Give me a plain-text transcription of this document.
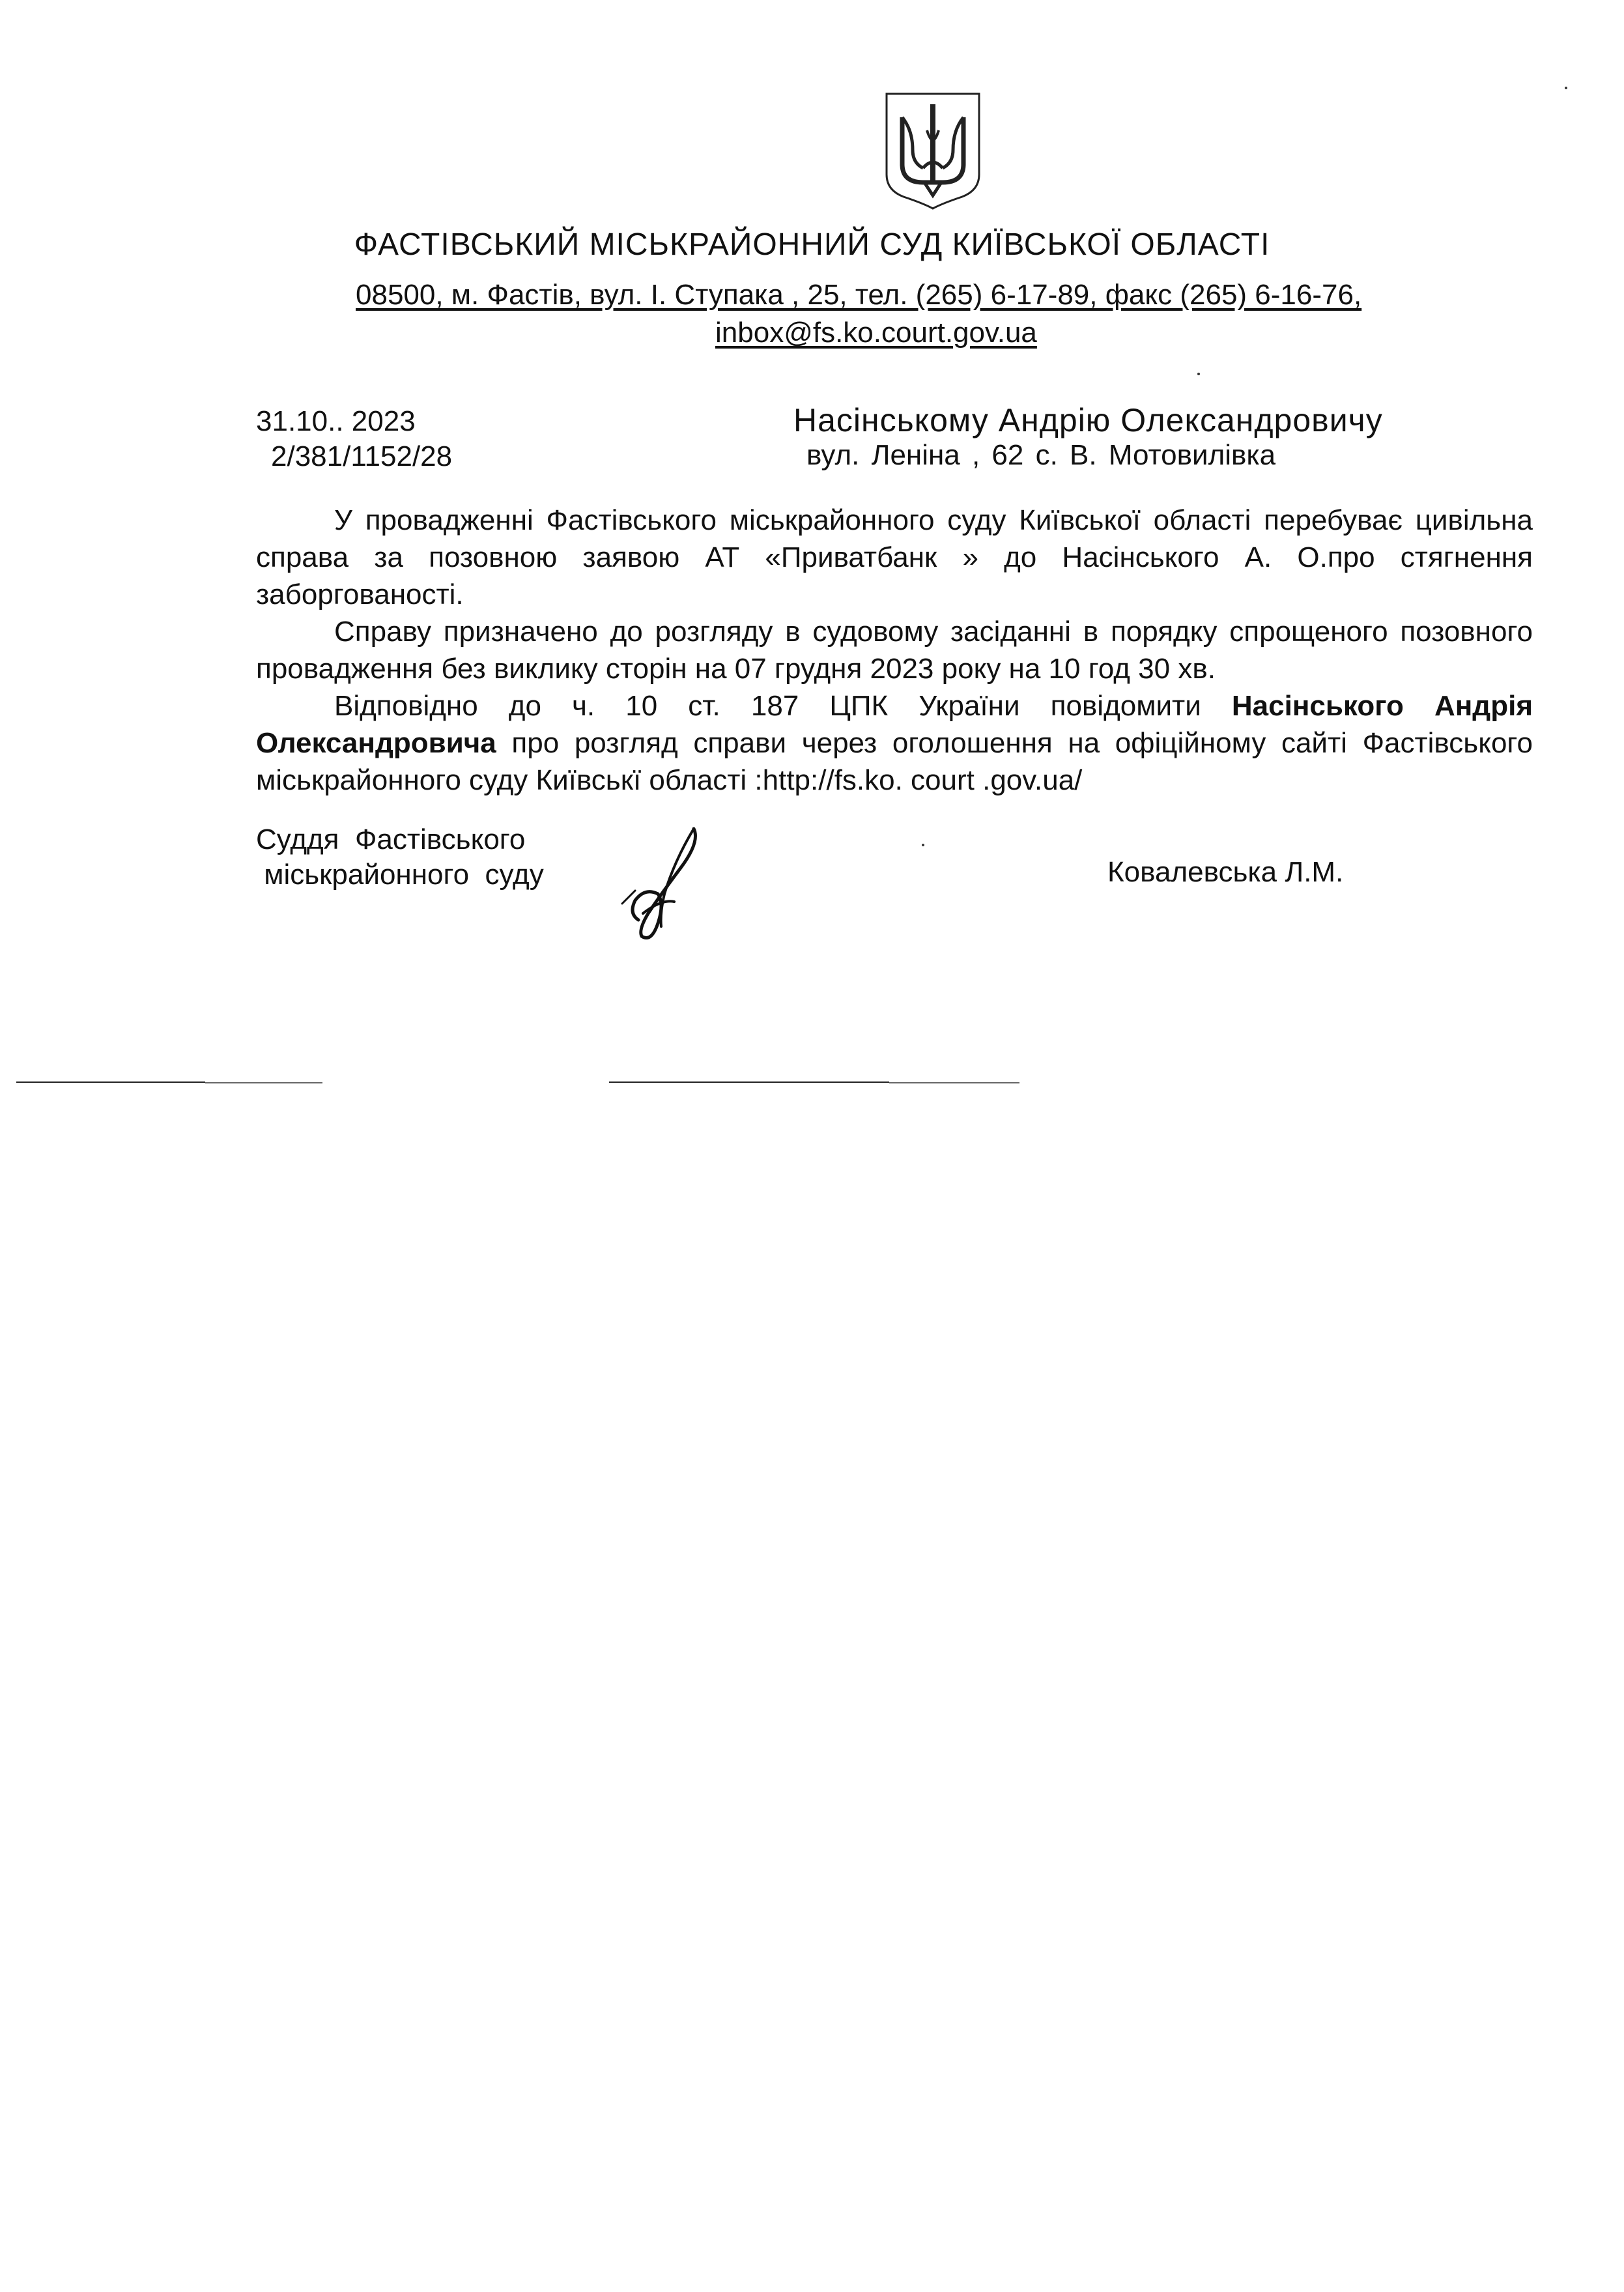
ФАСТІВСЬКИЙ МІСЬКРАЙОННИЙ СУД КИЇВСЬКОЇ ОБЛАСТІ
08500, м. Фастів, вул. І. Ступака , 25, тел. (265) 6-17-89, факс (265) 6-16-76,
inbox@fs.ko.court.gov.ua
31.10.. 2023
2/381/1152/28
Насінському Андрію Олександровичу
вул. Леніна , 62 с. В. Мотовилівка

У провадженні Фастівського міськрайонного суду Київської області перебуває цивільна справа за позовною заявою АТ «Приватбанк » до Насінського А. О.про стягнення заборгованості.

Справу призначено до розгляду в судовому засіданні в порядку спрощеного позовного провадження без виклику сторін на 07 грудня 2023 року на 10 год 30 хв.

Відповідно до ч. 10 ст. 187 ЦПК України повідомити Насінського Андрія Олександровича про розгляд справи через оголошення на офіційному сайті Фастівського міськрайонного суду Київськї області :http://fs.ko. court .gov.ua/

Суддя  Фастівського
міськрайонного  суду	Ковалевська Л.М.
